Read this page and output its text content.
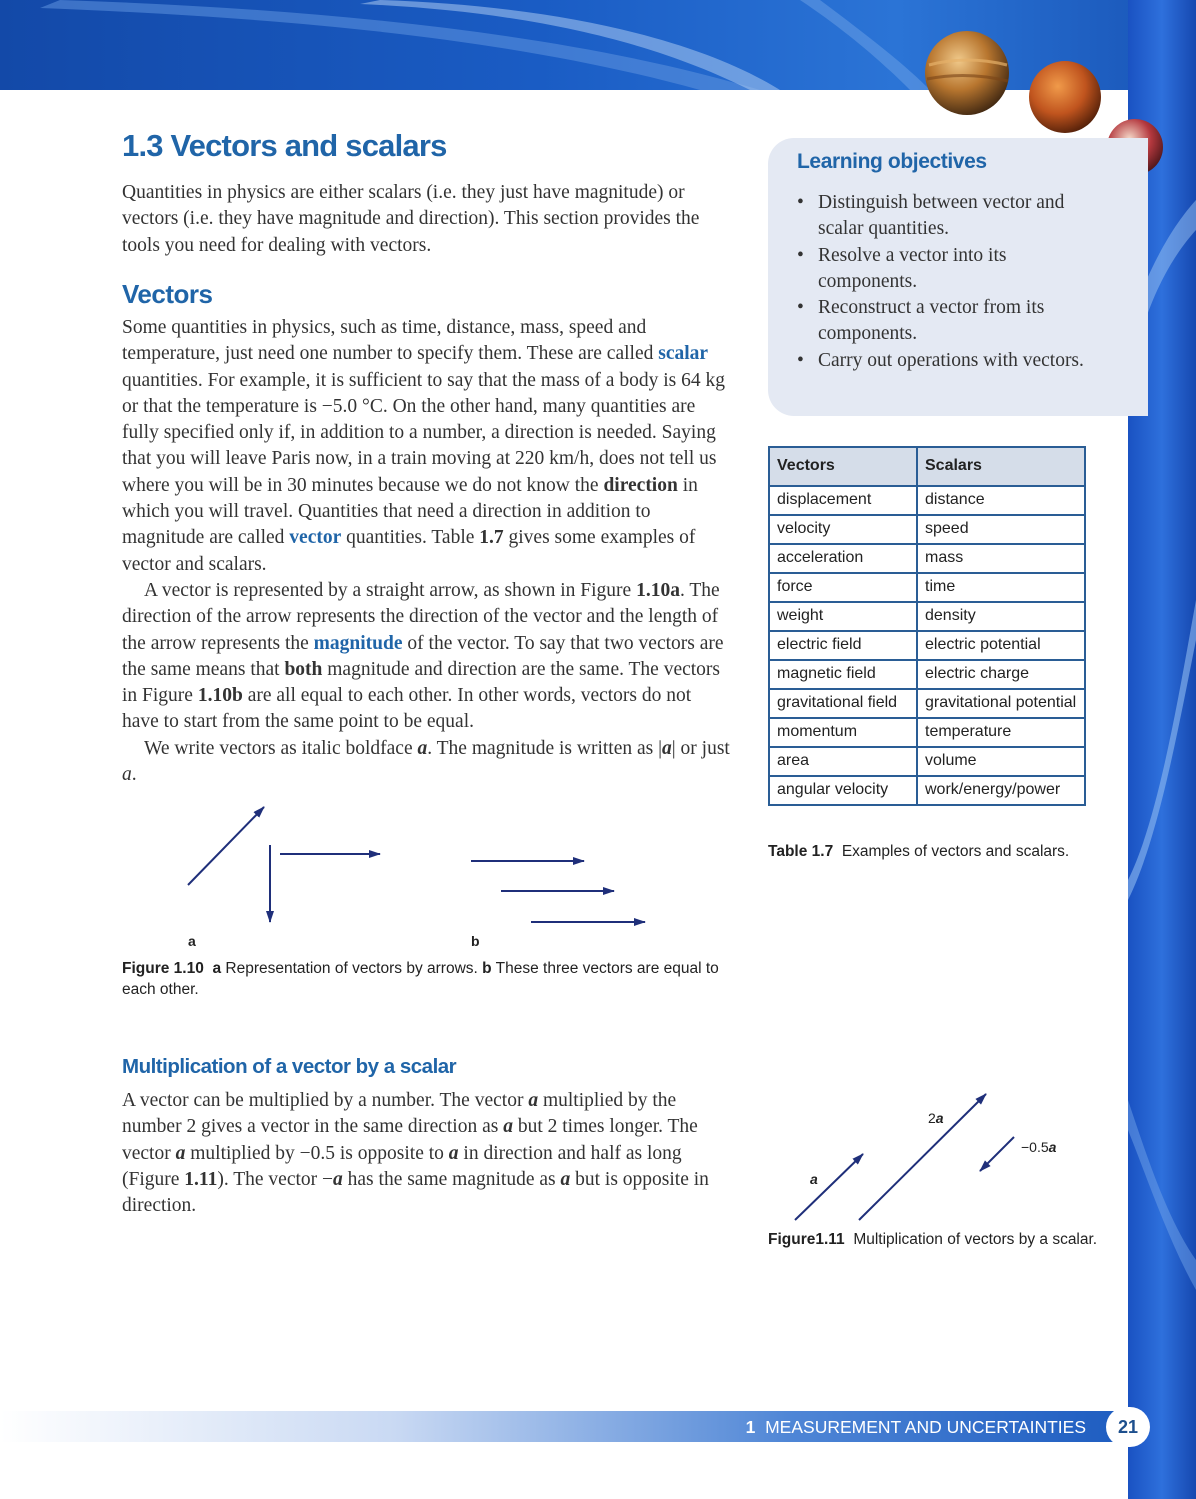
1.3 Vectors and scalars

Quantities in physics are either scalars (i.e. they just have magnitude) or vectors (i.e. they have magnitude and direction). This section provides the tools you need for dealing with vectors.

Vectors

Some quantities in physics, such as time, distance, mass, speed and temperature, just need one number to specify them. These are called scalar quantities. For example, it is sufficient to say that the mass of a body is 64 kg or that the temperature is −5.0 °C. On the other hand, many quantities are fully specified only if, in addition to a number, a direction is needed. Saying that you will leave Paris now, in a train moving at 220 km/h, does not tell us where you will be in 30 minutes because we do not know the direction in which you will travel. Quantities that need a direction in addition to magnitude are called vector quantities. Table 1.7 gives some examples of vector and scalars.

A vector is represented by a straight arrow, as shown in Figure 1.10a. The direction of the arrow represents the direction of the vector and the length of the arrow represents the magnitude of the vector. To say that two vectors are the same means that both magnitude and direction are the same. The vectors in Figure 1.10b are all equal to each other. In other words, vectors do not have to start from the same point to be equal.

We write vectors as italic boldface a. The magnitude is written as |a| or just a.

a	b
Figure 1.10 a Representation of vectors by arrows. b These three vectors are equal to each other.
Multiplication of a vector by a scalar

A vector can be multiplied by a number. The vector a multiplied by the number 2 gives a vector in the same direction as a but 2 times longer. The vector a multiplied by −0.5 is opposite to a in direction and half as long (Figure 1.11). The vector −a has the same magnitude as a but is opposite in direction.

Learning objectives
• Distinguish between vector and scalar quantities.
• Resolve a vector into its components.
• Reconstruct a vector from its components.
• Carry out operations with vectors.
Vectors	Scalars
displacement	distance
velocity	speed
acceleration	mass
force	time
weight	density
electric field	electric potential
magnetic field	electric charge
gravitational field	gravitational potential
momentum	temperature
area	volume
angular velocity	work/energy/power
Table 1.7 Examples of vectors and scalars.
a
2a
−0.5a
Figure1.11 Multiplication of vectors by a scalar.
1 MEASUREMENT AND UNCERTAINTIES	21
